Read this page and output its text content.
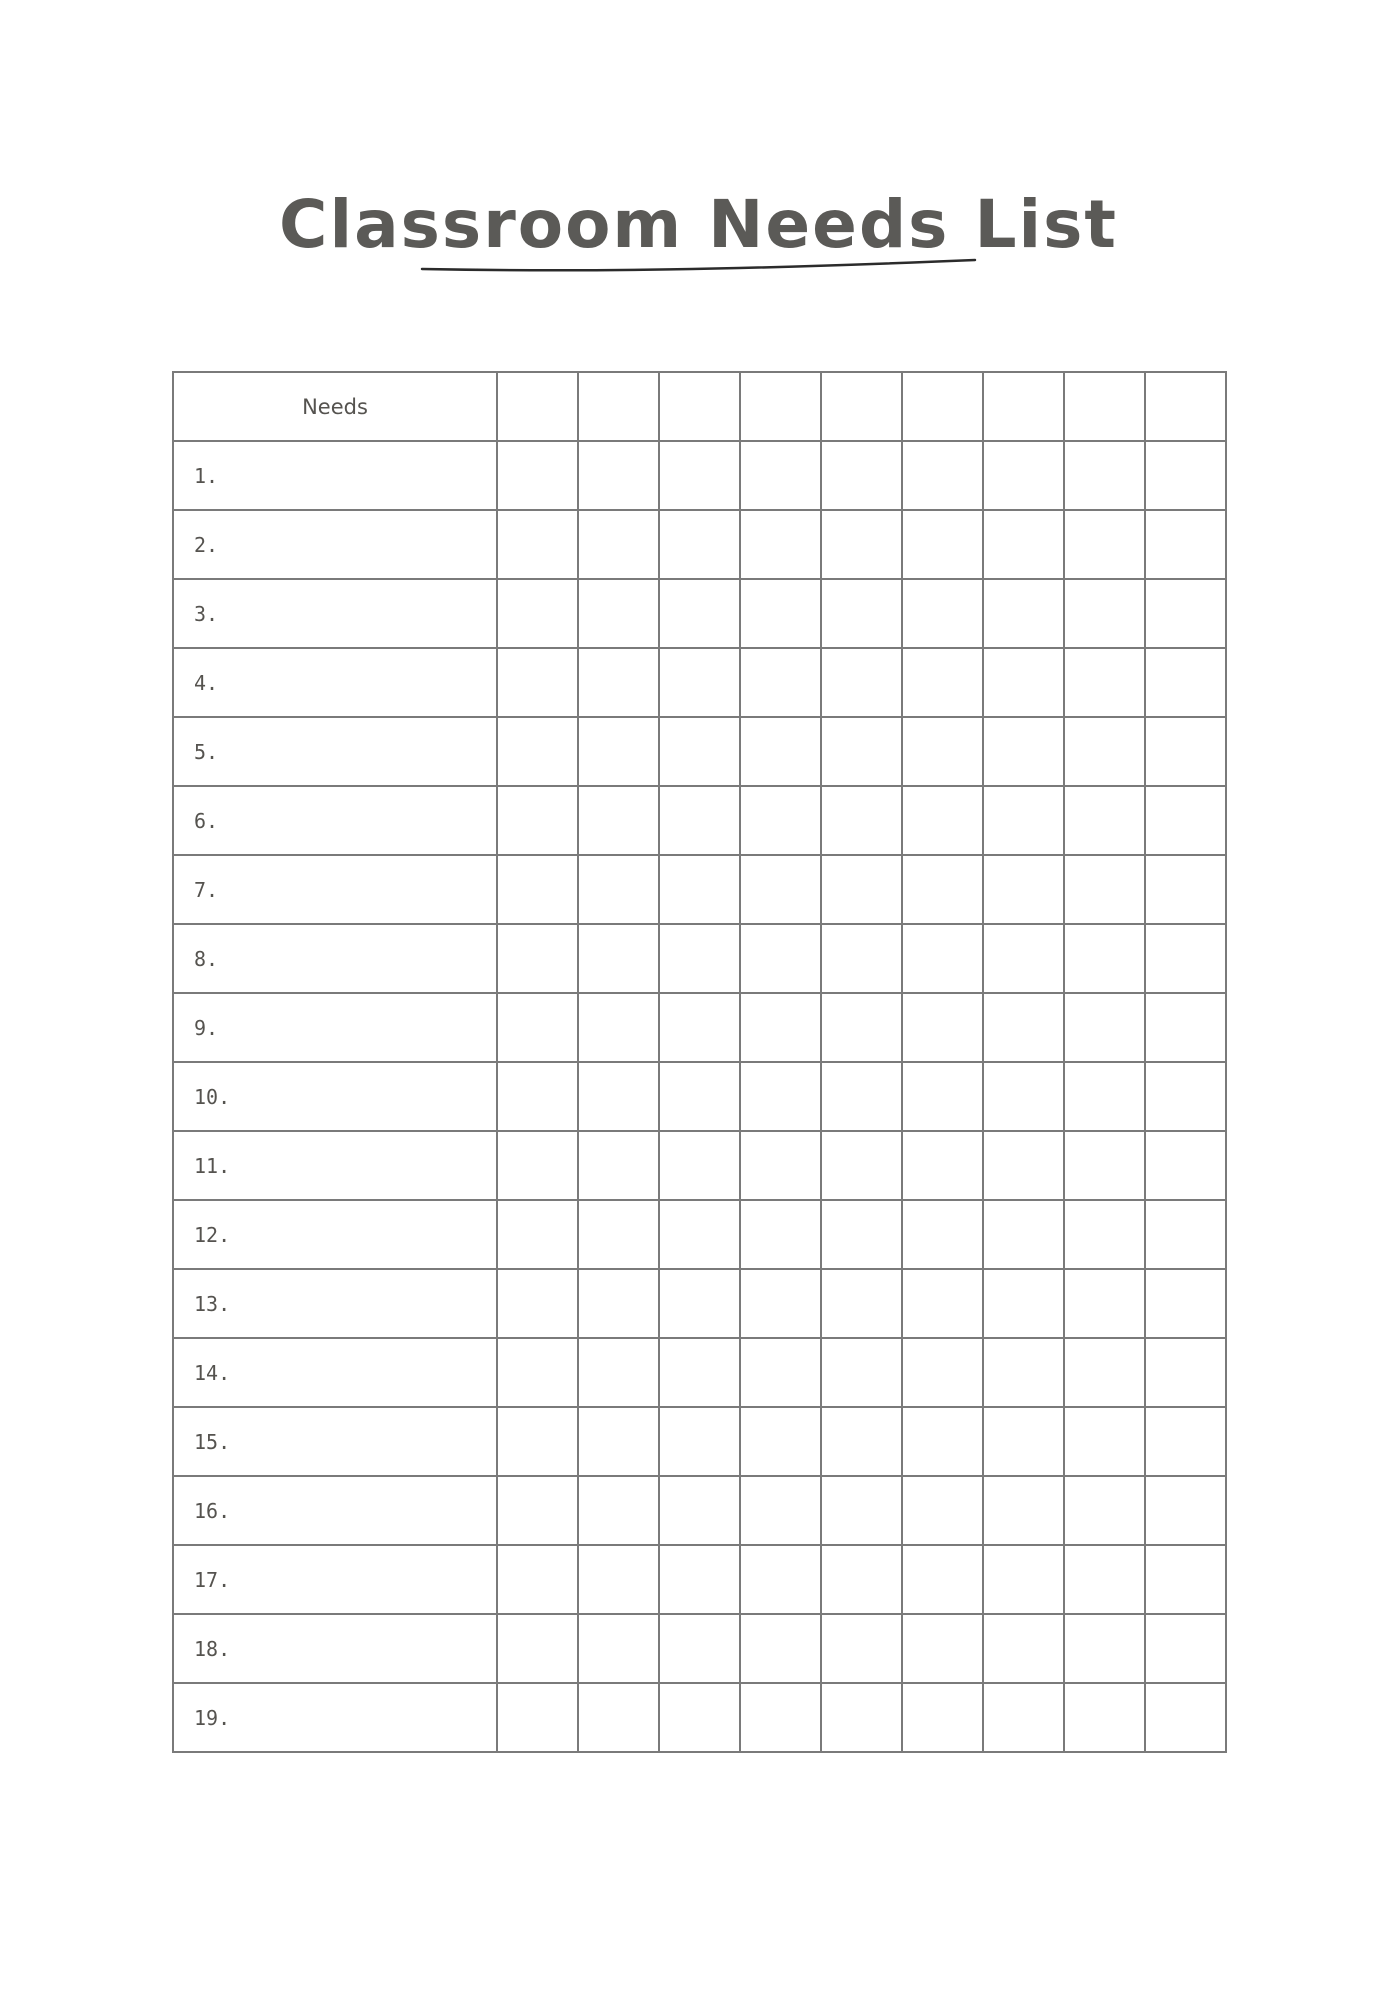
Classroom Needs List
Needs									
1.									
2.									
3.									
4.									
5.									
6.									
7.									
8.									
9.									
10.									
11.									
12.									
13.									
14.									
15.									
16.									
17.									
18.									
19.									
